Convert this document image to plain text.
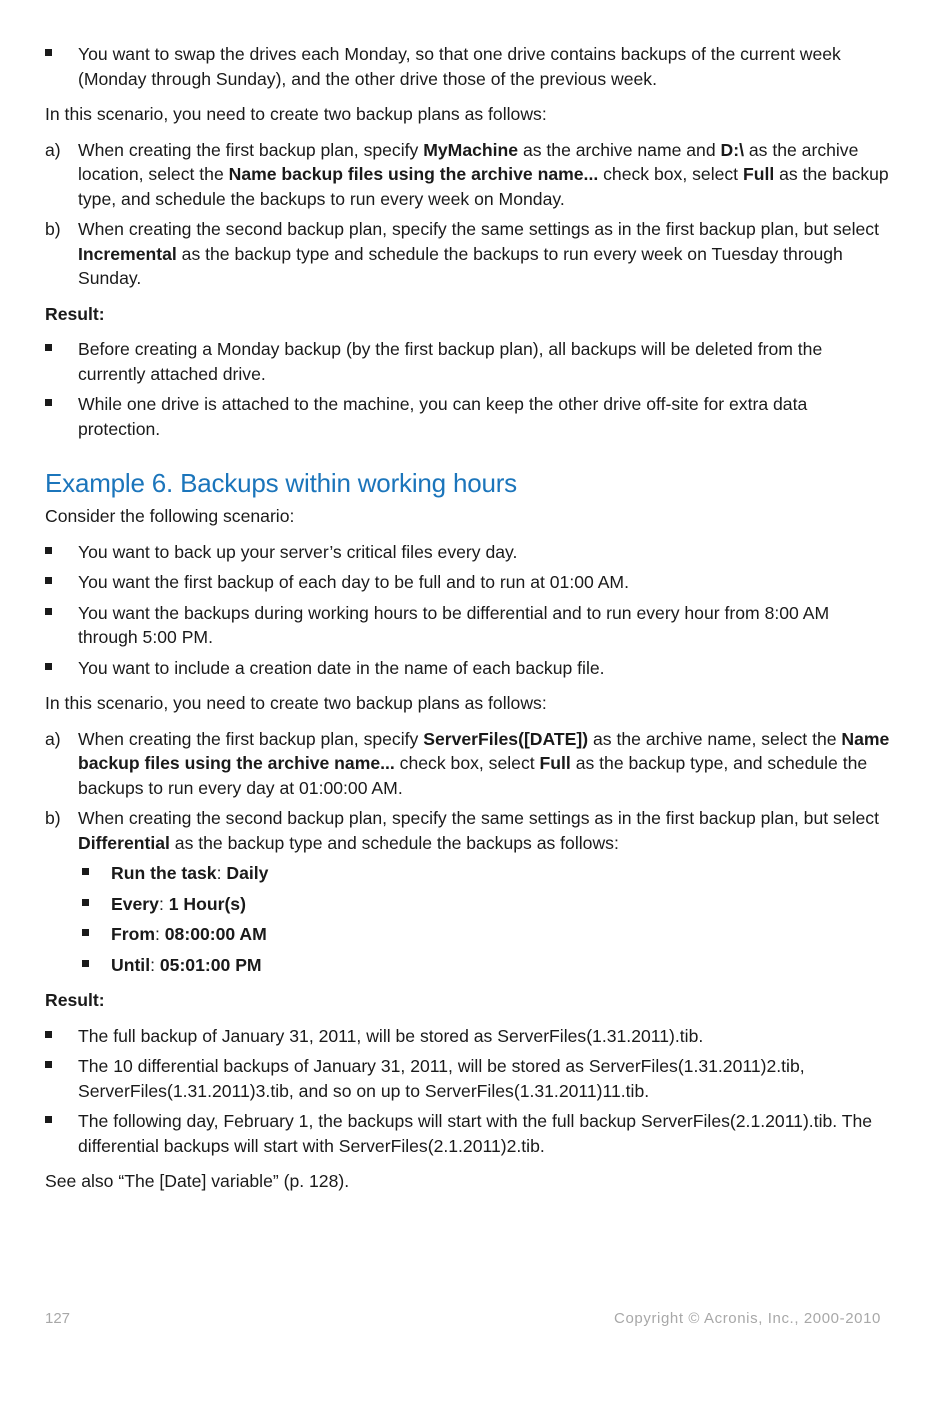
You want to swap the drives each Monday, so that one drive contains backups of the current week (Monday through Sunday), and the other drive those of the previous week.
In this scenario, you need to create two backup plans as follows:
a) When creating the first backup plan, specify MyMachine as the archive name and D:\ as the archive location, select the Name backup files using the archive name... check box, select Full as the backup type, and schedule the backups to run every week on Monday.
b) When creating the second backup plan, specify the same settings as in the first backup plan, but select Incremental as the backup type and schedule the backups to run every week on Tuesday through Sunday.
Result:
Before creating a Monday backup (by the first backup plan), all backups will be deleted from the currently attached drive.
While one drive is attached to the machine, you can keep the other drive off-site for extra data protection.
Example 6. Backups within working hours
Consider the following scenario:
You want to back up your server’s critical files every day.
You want the first backup of each day to be full and to run at 01:00 AM.
You want the backups during working hours to be differential and to run every hour from 8:00 AM through 5:00 PM.
You want to include a creation date in the name of each backup file.
In this scenario, you need to create two backup plans as follows:
a) When creating the first backup plan, specify ServerFiles([DATE]) as the archive name, select the Name backup files using the archive name... check box, select Full as the backup type, and schedule the backups to run every day at 01:00:00 AM.
b) When creating the second backup plan, specify the same settings as in the first backup plan, but select Differential as the backup type and schedule the backups as follows:
Run the task: Daily
Every: 1 Hour(s)
From: 08:00:00 AM
Until: 05:01:00 PM
Result:
The full backup of January 31, 2011, will be stored as ServerFiles(1.31.2011).tib.
The 10 differential backups of January 31, 2011, will be stored as ServerFiles(1.31.2011)2.tib, ServerFiles(1.31.2011)3.tib, and so on up to ServerFiles(1.31.2011)11.tib.
The following day, February 1, the backups will start with the full backup ServerFiles(2.1.2011).tib. The differential backups will start with ServerFiles(2.1.2011)2.tib.
See also “The [Date] variable” (p. 128).
127	Copyright © Acronis, Inc., 2000-2010
